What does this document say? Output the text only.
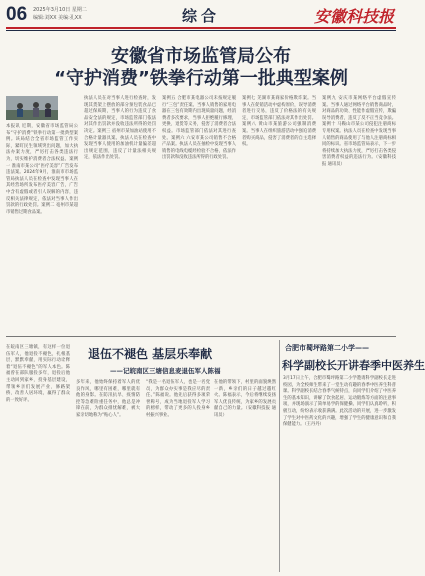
06 2025年3月10日 星期二
编辑:刘XX 美编:孔XX	综合	安徽科技报
安徽省市场监管局公布
“守护消费”铁拳行动第一批典型案例
本报讯 近期，安徽省市场监管局公布“守护消费”铁拳行动第一批典型案例。该局结合全省市场监管工作实际，紧盯民生领域突出问题，加大执法办案力度，严厉打击各类违法行为，切实维护消费者合法权益。案例一 淮南市某公司“医疗美容”广告发布违法案。2024年9月，淮南市市场监管局执法人员在检查中发现当事人在其经营场所发布医疗美容广告，广告中含有虚假或者引人误解的内容，违反相关法律规定，依法对当事人作出罚款的行政处罚。案例二 亳州市某超市销售过期食品案。
执法人员在对当事人进行检查时，发现其货架上摆放的部分预包装食品已超过保质期，当事人的行为违反了食品安全法的规定，市场监管部门依法对其作出罚款并没收违法所得的处罚决定。案例三 宿州市某加油站使用不合格计量器具案。执法人员在检查中发现当事人使用的加油机计量偏差超出规定范围，违反了计量法相关规定，依法作出处罚。
案例五 合肥市某电器公司未按规定履行“三包”责任案。当事人销售的家用电器在三包有效期内出现质量问题，经消费者多次要求，当事人拒绝履行修理、更换、退货等义务，侵害了消费者合法权益。市场监管部门依法对其进行查处。案例六 六安市某公司销售不合格产品案。执法人员在抽检中发现当事人销售的电线电缆经检验不合格，依法作出罚款和没收违法所得的行政处罚。
案例七 芜湖市某商家价格欺诈案。当事人在促销活动中虚构原价，误导消费者进行交易，违反了价格法的有关规定，市场监管部门依法对其作出处罚。案例八 黄山市某旅游公司强制消费案。当事人在组织旅游活动中强迫消费者购买商品，侵害了消费者的自主选择权。
案例九 安庆市某网络平台虚假宣传案。当事人通过网络平台销售商品时，对商品的功效、性能作虚假宣传，欺骗误导消费者，违反了反不正当竞争法。案例十 马鞍山市某公司侵犯注册商标专用权案。执法人员在检查中发现当事人销售的商品使用了与他人注册商标相同的标识。省市场监管局表示，下一步将持续加大执法力度，严厉打击各类侵害消费者权益的违法行为。（安徽科技报 通讯员）
退伍不褪色 基层乐奉献
——记皖南区三塘信息麦退伍军人陈福
在皖南区三塘镇，有这样一位退伍军人，他退役不褪色，扎根基层，默默奉献，用实际行动诠释着“退伍不褪色”的军人本色。陈福曾在部队服役多年，退役后他主动回到家乡，投身基层建设，带领乡亲们发展产业、修路架桥、改善人居环境，赢得了群众的一致好评。
多年来，他始终保持着军人的优良作风，哪里有困难，哪里就有他的身影。在防汛抗旱、疫情防控等急难险重任务中，他总是冲锋在前，为群众排忧解难，被大家亲切地称为“贴心人”。
“我是一名退伍军人，也是一名党员，为群众办实事是我应尽的责任。”陈福说。他先后获得多项荣誉称号，成为当地退役军人学习的榜样，带动了更多的人投身乡村振兴事业。
在他的带领下，村里的面貌焕然一新，乡亲们的日子越过越红火。陈福表示，今后将继续发扬军人优良传统，为家乡的发展贡献自己的力量。（安徽科技报 通讯员）
合肥市蜀坪路第二小学——
科学副校长开讲春季中医养生
3月17日上午，合肥市蜀坪路第二小学邀请科学副校长走进校园，为全校师生带来了一堂生动有趣的春季中医养生科普课。科学副校长结合春季气候特点，向同学们介绍了中医养生的基本知识，讲解了饮食起居、运动锻炼等方面的注意事项，并现场演示了简单易学的保健操。同学们认真聆听，积极互动，纷纷表示收获满满。此次活动的开展，进一步激发了学生对中医药文化的兴趣，增强了学生的健康意识和自我保健能力。（王丹丹）
